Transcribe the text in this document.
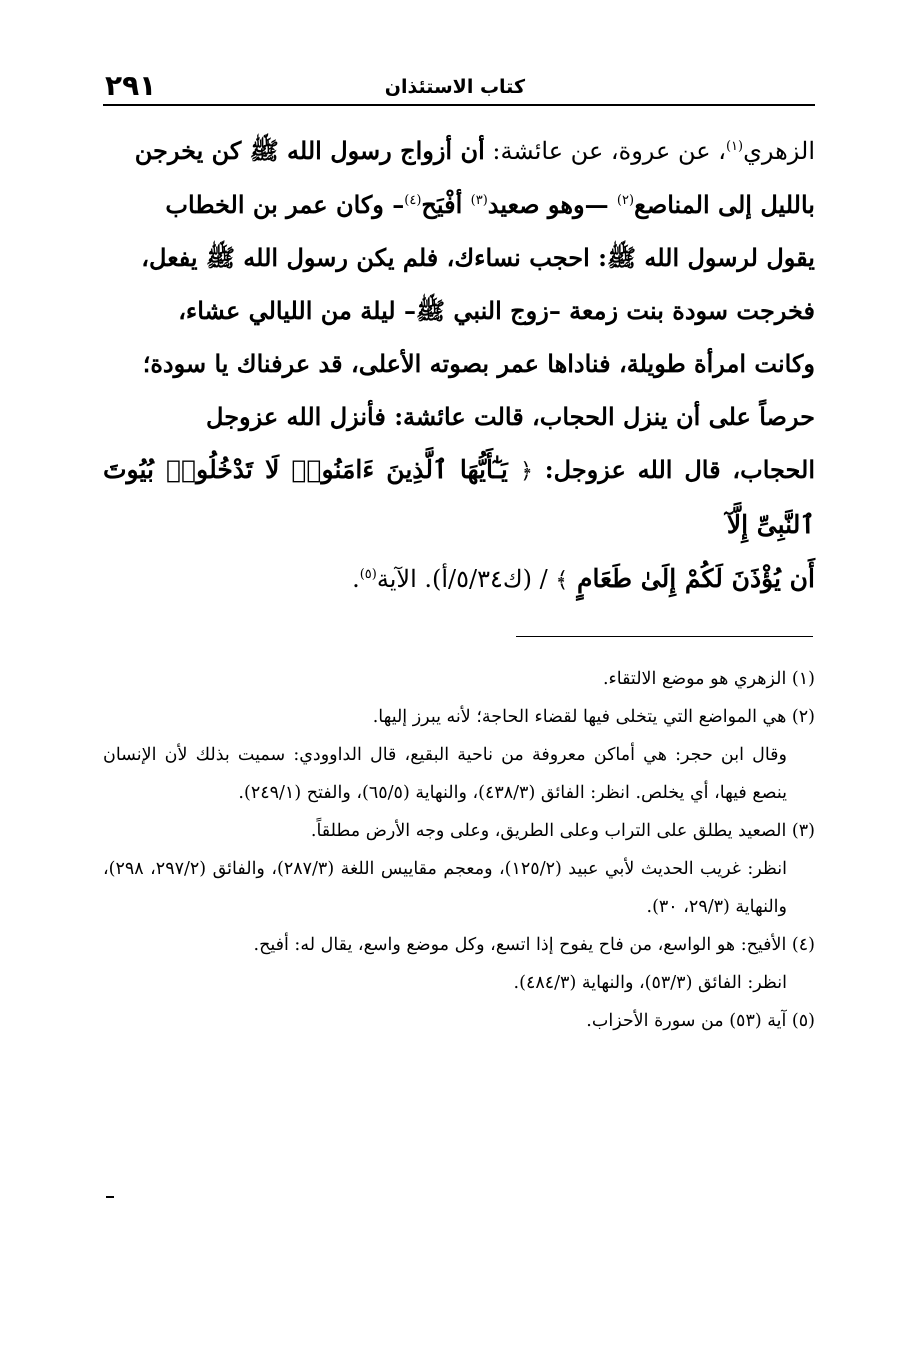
٢٩١	كتاب الاستئذان

الزهري$^{(١)}$، عن عروة، عن عائشة: أن أزواج رسول الله ﷺ كن يخرجن

بالليل إلى المناصع$^{(٢)}$ —وهو صعيد$^{(٣)}$ أفْيَح$^{(٤)}$– وكان عمر بن الخطاب

يقول لرسول الله ﷺ: احجب نساءك، فلم يكن رسول الله ﷺ يفعل،

فخرجت سودة بنت زمعة –زوج النبي ﷺ– ليلة من الليالي عشاء،

وكانت امرأة طويلة، فناداها عمر بصوته الأعلى، قد عرفناك يا سودة؛

حرصاً على أن ينزل الحجاب، قالت عائشة: فأنزل الله عزوجل

الحجاب، قال الله عزوجل: ﴿ يَـٰٓأَيُّهَا ٱلَّذِينَ ءَامَنُوا۟ لَا تَدْخُلُوا۟ بُيُوتَ ٱلنَّبِىِّ إِلَّآ

أَن يُؤْذَنَ لَكُمْ إِلَىٰ طَعَامٍ ﴾ / (ك٥/٣٤/أ). الآية$^{(٥)}$.

(١) الزهري هو موضع الالتقاء.

(٢) هي المواضع التي يتخلى فيها لقضاء الحاجة؛ لأنه يبرز إليها.

وقال ابن حجر: هي أماكن معروفة من ناحية البقيع، قال الداوودي: سميت بذلك لأن الإنسان ينصع فيها، أي يخلص. انظر: الفائق (٤٣٨/٣)، والنهاية (٦٥/٥)، والفتح (٢٤٩/١).

(٣) الصعيد يطلق على التراب وعلى الطريق، وعلى وجه الأرض مطلقاً.

انظر: غريب الحديث لأبي عبيد (١٢٥/٢)، ومعجم مقاييس اللغة (٢٨٧/٣)، والفائق (٢٩٧/٢، ٢٩٨)، والنهاية (٢٩/٣، ٣٠).

(٤) الأفيح: هو الواسع، من فاح يفوح إذا اتسع، وكل موضع واسع، يقال له: أفيح.

انظر: الفائق (٥٣/٣)، والنهاية (٤٨٤/٣).

(٥) آية (٥٣) من سورة الأحزاب.
